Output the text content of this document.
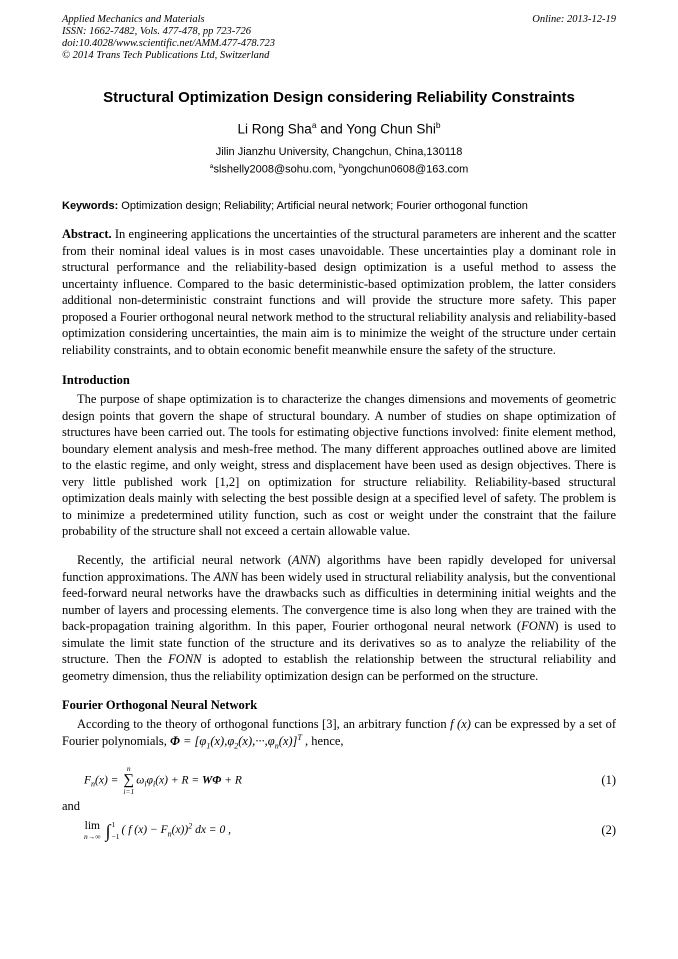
Applied Mechanics and Materials
ISSN: 1662-7482, Vols. 477-478, pp 723-726
doi:10.4028/www.scientific.net/AMM.477-478.723
© 2014 Trans Tech Publications Ltd, Switzerland
Online: 2013-12-19
Structural Optimization Design considering Reliability Constraints
Li Rong Sha$^a$ and Yong Chun Shi$^b$
Jilin Jianzhu University, Changchun, China,130118
$^a$slshelly2008@sohu.com, $^b$yongchun0608@163.com
Keywords: Optimization design; Reliability; Artificial neural network; Fourier orthogonal function

Abstract. In engineering applications the uncertainties of the structural parameters are inherent and the scatter from their nominal ideal values is in most cases unavoidable. These uncertainties play a dominant role in structural performance and the reliability-based design optimization is a useful method to assess the uncertainty influence. Compared to the basic deterministic-based optimization problem, the latter considers additional non-deterministic constraint functions and will provide the structure more safety. This paper proposed a Fourier orthogonal neural network method to the structural reliability analysis and reliability-based optimization considering uncertainties, the main aim is to minimize the weight of the structure under certain reliability constraints, and to obtain economic benefit meanwhile ensure the safety of the structure.

Introduction

The purpose of shape optimization is to characterize the changes dimensions and movements of geometric design points that govern the shape of structural boundary. A number of studies on shape optimization of structures have been carried out. The tools for estimating objective functions involved: finite element method, boundary element analysis and mesh-free method. The many different approaches outlined above are limited to the elastic regime, and only weight, stress and displacement have been used as design objectives. There is very little published work [1,2] on optimization for structure reliability. Reliability-based structural optimization deals mainly with selecting the best possible design at a specified level of safety. The problem is to minimize a predetermined utility function, such as cost or weight under the constraint that the failure probability of the structure shall not exceed a certain allowable value.

Recently, the artificial neural network (ANN) algorithms have been rapidly developed for universal function approximations. The ANN has been widely used in structural reliability analysis, but the conventional feed-forward neural networks have the drawbacks such as difficulties in determining initial weights and the number of layers and processing elements. The convergence time is also long when they are trained with the back-propagation training algorithm. In this paper, Fourier orthogonal neural network (FONN) is used to simulate the limit state function of the structure and its derivatives so as to analyze the reliability of the structure. Then the FONN is adopted to establish the relationship between the structural reliability and geometry dimension, thus the reliability optimization design can be performed on the structure.

Fourier Orthogonal Neural Network

According to the theory of orthogonal functions [3], an arbitrary function f (x) can be expressed by a set of Fourier polynomials, $\Phi = [\varphi_1(x),\varphi_2(x),\cdot\cdot\cdot,\varphi_n(x)]^T$ , hence,

$F_n(x)$ =
n
∑
i=1
$\omega_i\varphi_i(x) + R = W\Phi + R$	(1)
and
lim
n→∞ ∫ 1
−1 ( f $(x) - F_n(x))^2$ dx = 0 ,	(2)
